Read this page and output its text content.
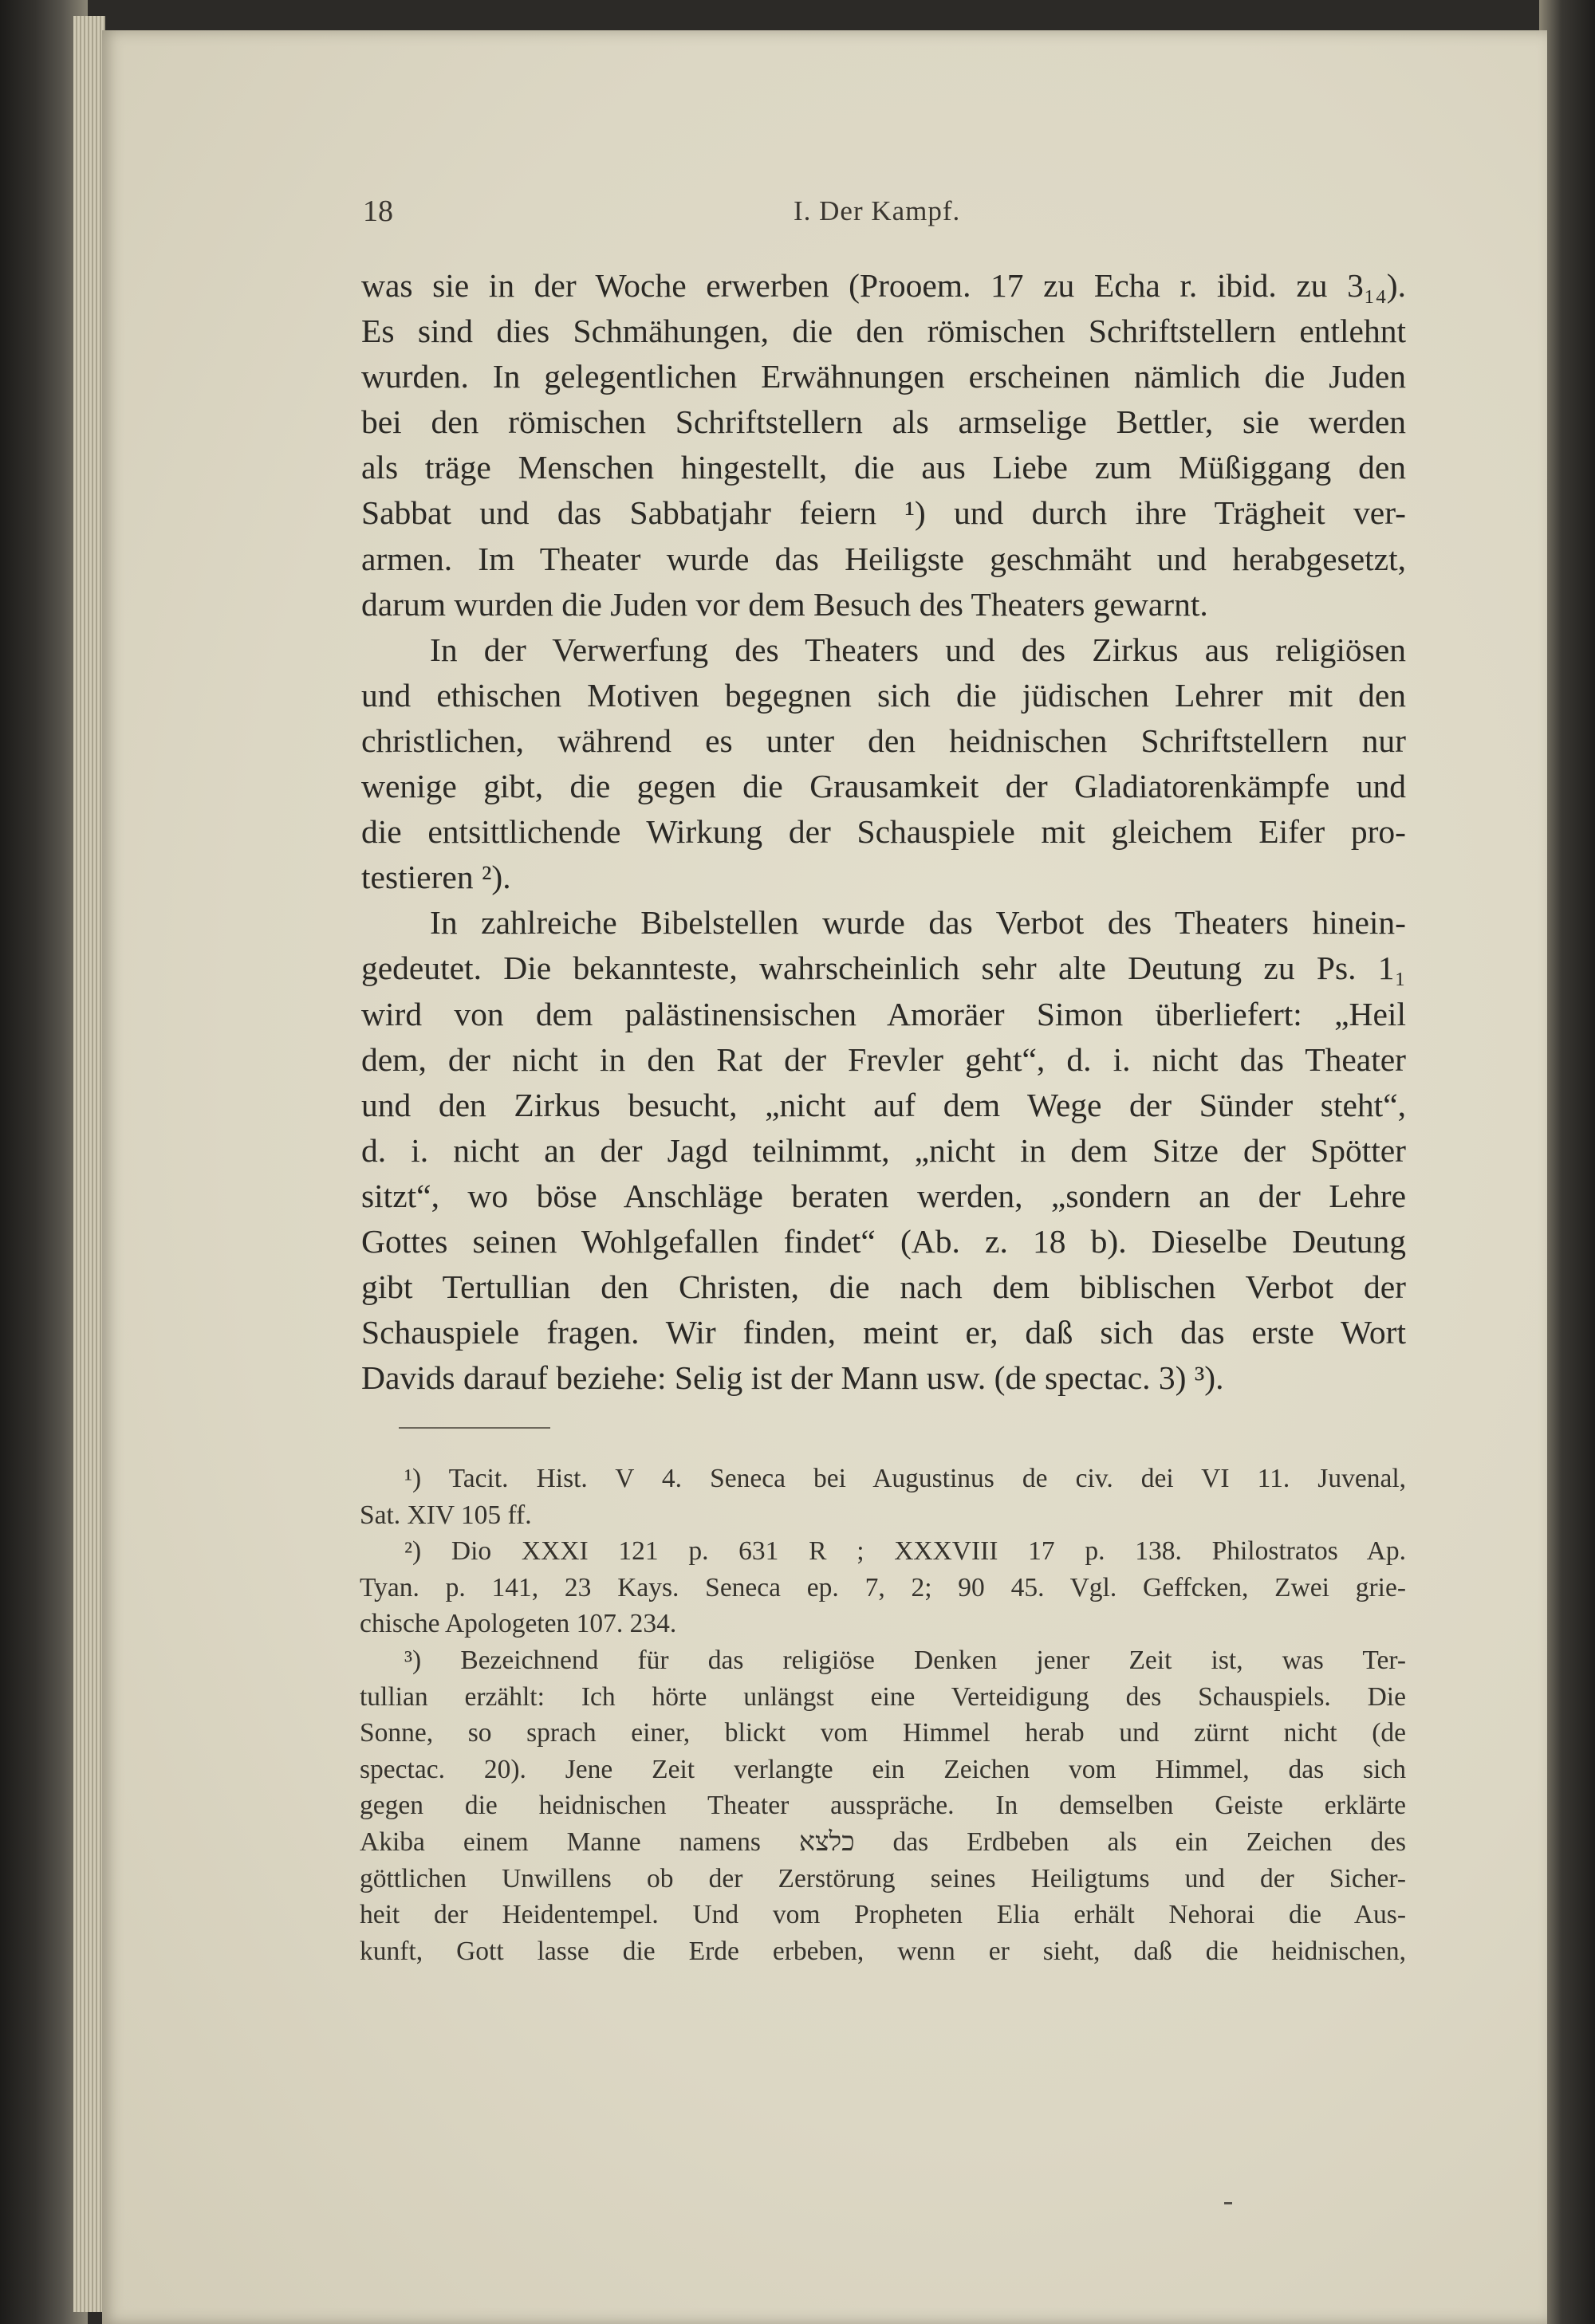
18	I. Der Kampf.
was sie in der Woche erwerben (Prooem. 17 zu Echa r. ibid. zu 3₁₄).
Es sind dies Schmähungen, die den römischen Schriftstellern entlehnt
wurden. In gelegentlichen Erwähnungen erscheinen nämlich die Juden
bei den römischen Schriftstellern als armselige Bettler, sie werden
als träge Menschen hingestellt, die aus Liebe zum Müßiggang den
Sabbat und das Sabbatjahr feiern ¹) und durch ihre Trägheit ver-
armen. Im Theater wurde das Heiligste geschmäht und herabgesetzt,
darum wurden die Juden vor dem Besuch des Theaters gewarnt.
In der Verwerfung des Theaters und des Zirkus aus religiösen
und ethischen Motiven begegnen sich die jüdischen Lehrer mit den
christlichen, während es unter den heidnischen Schriftstellern nur
wenige gibt, die gegen die Grausamkeit der Gladiatorenkämpfe und
die entsittlichende Wirkung der Schauspiele mit gleichem Eifer pro-
testieren ²).
In zahlreiche Bibelstellen wurde das Verbot des Theaters hinein-
gedeutet. Die bekannteste, wahrscheinlich sehr alte Deutung zu Ps. 1₁
wird von dem palästinensischen Amoräer Simon überliefert: „Heil
dem, der nicht in den Rat der Frevler geht“, d. i. nicht das Theater
und den Zirkus besucht, „nicht auf dem Wege der Sünder steht“,
d. i. nicht an der Jagd teilnimmt, „nicht in dem Sitze der Spötter
sitzt“, wo böse Anschläge beraten werden, „sondern an der Lehre
Gottes seinen Wohlgefallen findet“ (Ab. z. 18 b). Dieselbe Deutung
gibt Tertullian den Christen, die nach dem biblischen Verbot der
Schauspiele fragen. Wir finden, meint er, daß sich das erste Wort
Davids darauf beziehe: Selig ist der Mann usw. (de spectac. 3) ³).
¹) Tacit. Hist. V 4. Seneca bei Augustinus de civ. dei VI 11. Juvenal,
Sat. XIV 105 ff.
²) Dio XXXI 121 p. 631 R ; XXXVIII 17 p. 138. Philostratos Ap.
Tyan. p. 141, 23 Kays. Seneca ep. 7, 2; 90 45. Vgl. Geffcken, Zwei grie-
chische Apologeten 107. 234.
³) Bezeichnend für das religiöse Denken jener Zeit ist, was Ter-
tullian erzählt: Ich hörte unlängst eine Verteidigung des Schauspiels. Die
Sonne, so sprach einer, blickt vom Himmel herab und zürnt nicht (de
spectac. 20). Jene Zeit verlangte ein Zeichen vom Himmel, das sich
gegen die heidnischen Theater ausspräche. In demselben Geiste erklärte
Akiba einem Manne namens כלצא das Erdbeben als ein Zeichen des
göttlichen Unwillens ob der Zerstörung seines Heiligtums und der Sicher-
heit der Heidentempel. Und vom Propheten Elia erhält Nehorai die Aus-
kunft, Gott lasse die Erde erbeben, wenn er sieht, daß die heidnischen,
